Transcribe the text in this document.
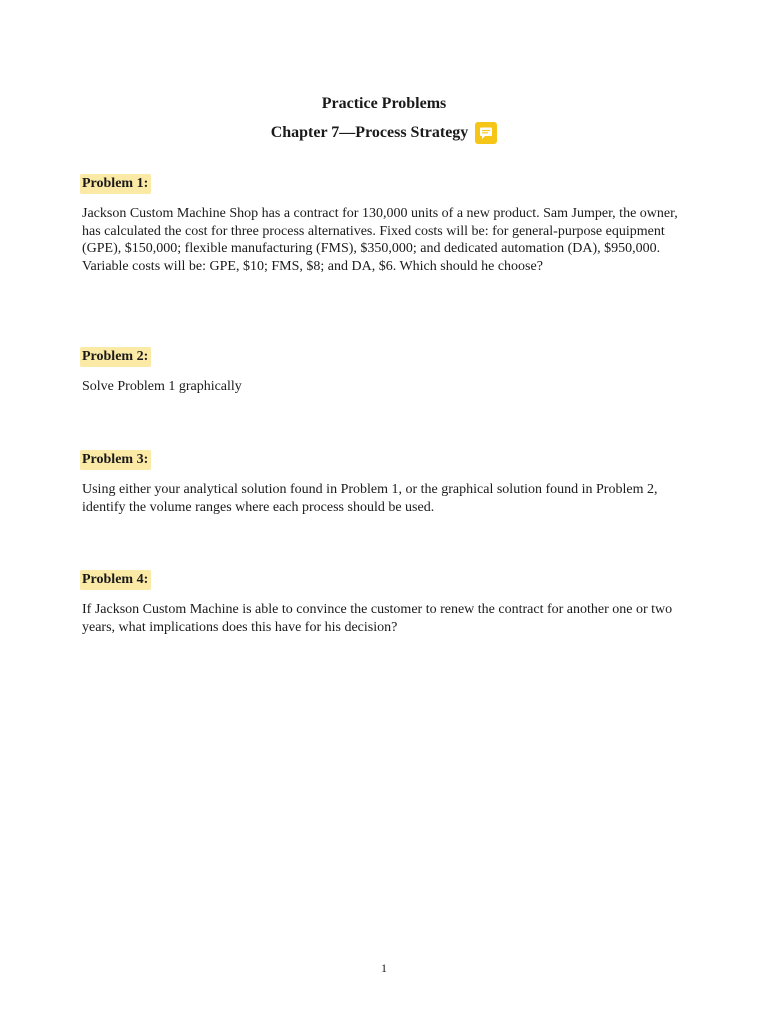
Practice Problems
Chapter 7—Process Strategy
Problem 1:
Jackson Custom Machine Shop has a contract for 130,000 units of a new product. Sam Jumper, the owner, has calculated the cost for three process alternatives. Fixed costs will be: for general-purpose equipment (GPE), $150,000; flexible manufacturing (FMS), $350,000; and dedicated automation (DA), $950,000. Variable costs will be: GPE, $10; FMS, $8; and DA, $6. Which should he choose?
Problem 2:
Solve Problem 1 graphically
Problem 3:
Using either your analytical solution found in Problem 1, or the graphical solution found in Problem 2, identify the volume ranges where each process should be used.
Problem 4:
If Jackson Custom Machine is able to convince the customer to renew the contract for another one or two years, what implications does this have for his decision?
1
